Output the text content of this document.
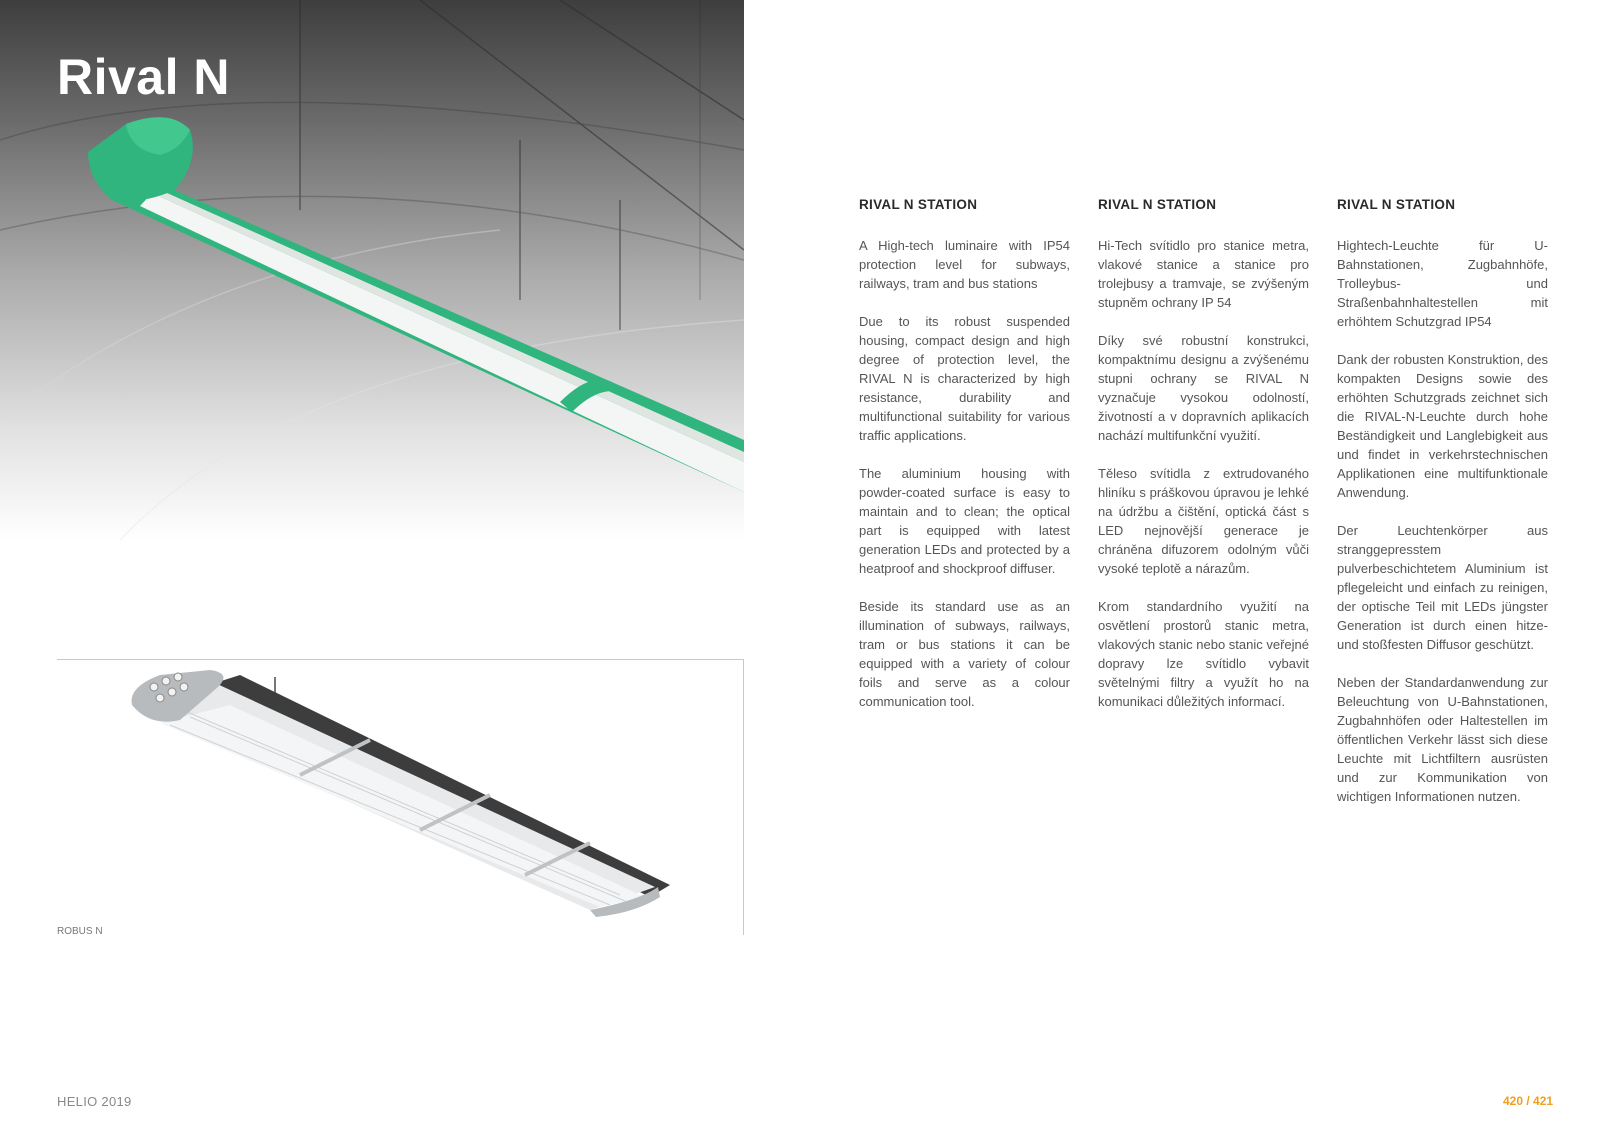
Rival N
ROBUS N
RIVAL N STATION

A High-tech luminaire with IP54 protection level for subways, railways, tram and bus stations

Due to its robust suspended housing, compact design and high degree of protection level, the RIVAL N is characterized by high resistance, durability and multifunctional suitability for various traffic applications.

The aluminium housing with powder-coated surface is easy to maintain and to clean; the optical part is equipped with latest generation LEDs and protected by a heatproof and shockproof diffuser.

Beside its standard use as an illumination of subways, railways, tram or bus stations it can be equipped with a variety of colour foils and serve as a colour communication tool.

RIVAL N STATION

Hi-Tech svítidlo pro stanice metra, vlakové stanice a stanice pro trolejbusy a tramvaje, se zvýšeným stupněm ochrany IP 54

Díky své robustní konstrukci, kompaktnímu designu a zvýšenému stupni ochrany se RIVAL N vyznačuje vysokou odolností, životností a v dopravních aplikacích nachází multifunkční využití.

Těleso svítidla z extrudovaného hliníku s práškovou úpravou je lehké na údržbu a čištění, optická část s LED nejnovější generace je chráněna difuzorem odolným vůči vysoké teplotě a nárazům.

Krom standardního využití na osvětlení prostorů stanic metra, vlakových stanic nebo stanic veřejné dopravy lze svítidlo vybavit světelnými filtry a využít ho na komunikaci důležitých informací.

RIVAL N STATION

Hightech-Leuchte für U-Bahnstationen, Zugbahnhöfe, Trolleybus- und Straßenbahnhaltestellen mit erhöhtem Schutzgrad IP54

Dank der robusten Konstruktion, des kompakten Designs sowie des erhöhten Schutzgrads zeichnet sich die RIVAL-N-Leuchte durch hohe Beständigkeit und Langlebigkeit aus und findet in verkehrstechnischen Applikationen eine multifunktionale Anwendung.

Der Leuchtenkörper aus stranggepresstem pulverbeschichtetem Aluminium ist pflegeleicht und einfach zu reinigen, der optische Teil mit LEDs jüngster Generation ist durch einen hitze- und stoßfesten Diffusor geschützt.

Neben der Standardanwendung zur Beleuchtung von U-Bahnstationen, Zugbahnhöfen oder Haltestellen im öffentlichen Verkehr lässt sich diese Leuchte mit Lichtfiltern ausrüsten und zur Kommunikation von wichtigen Informationen nutzen.

HELIO 2019	420 / 421
